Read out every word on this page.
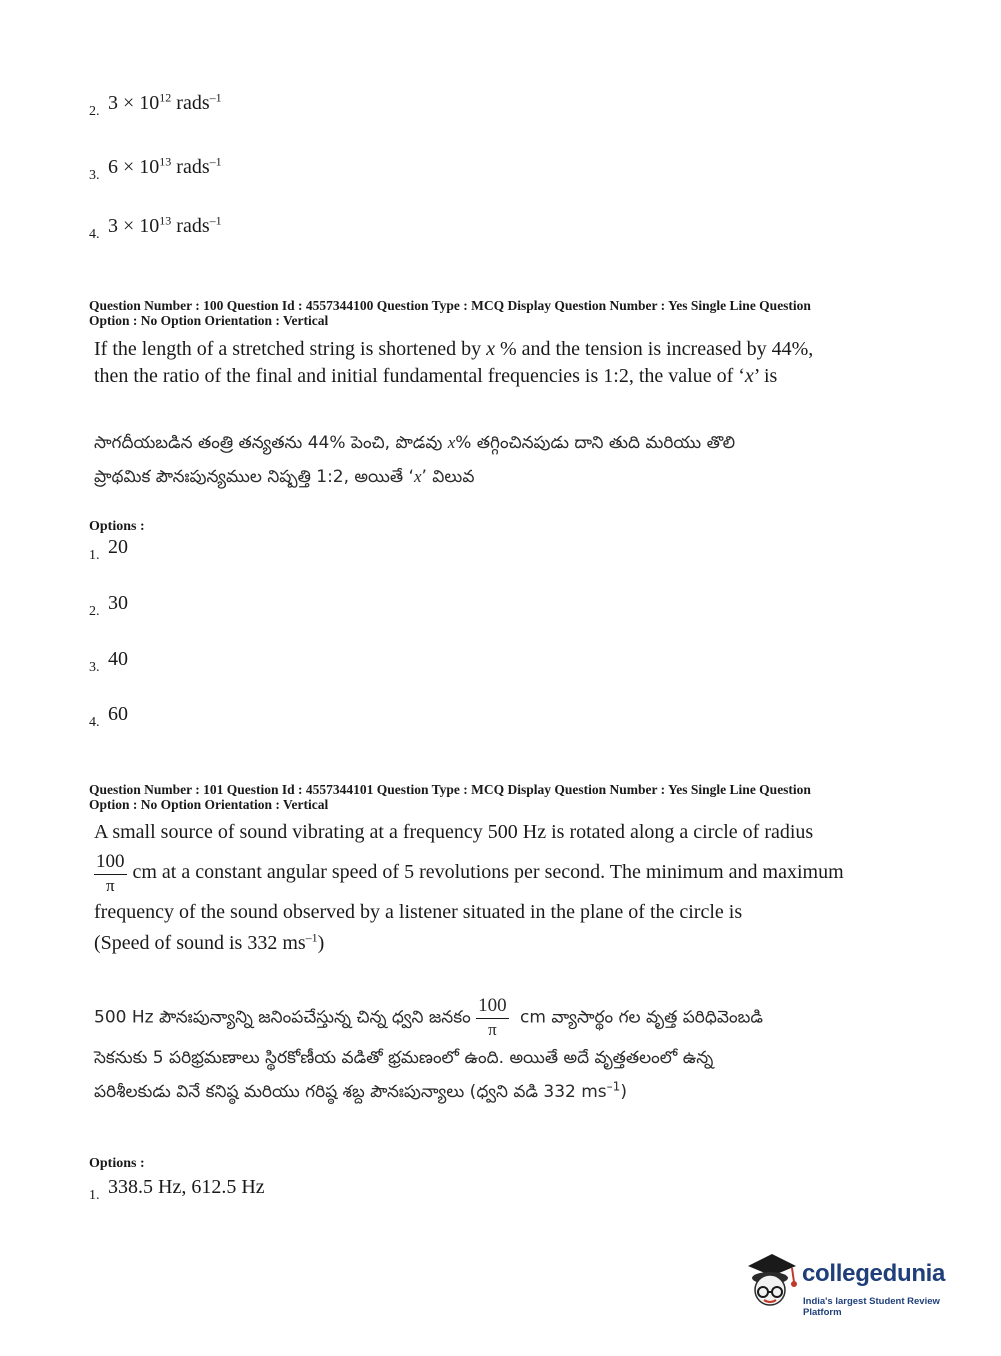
2. $3 \times 10^{12}$ rads$^{-1}$
3. $6 \times 10^{13}$ rads$^{-1}$
4. $3 \times 10^{13}$ rads$^{-1}$
Question Number : 100 Question Id : 4557344100 Question Type : MCQ Display Question Number : Yes Single Line Question
Option : No Option Orientation : Vertical
If the length of a stretched string is shortened by x % and the tension is increased by 44%,
then the ratio of the final and initial fundamental frequencies is 1:2, the value of ‘x’ is
సాగదీయబడిన తంత్రి తన్యతను 44% పెంచి, పొడవు x% తగ్గించినపుడు దాని తుది మరియు తొలి
ప్రాథమిక పౌనఃపున్యముల నిష్పత్తి 1:2, అయితే ‘x’ విలువ
Options :
1. 20
2. 30
3. 40
4. 60
Question Number : 101 Question Id : 4557344101 Question Type : MCQ Display Question Number : Yes Single Line Question
Option : No Option Orientation : Vertical
A small source of sound vibrating at a frequency 500 Hz is rotated along a circle of radius
$\frac{100}{\pi}$ cm at a constant angular speed of 5 revolutions per second. The minimum and maximum
frequency of the sound observed by a listener situated in the plane of the circle is
(Speed of sound is 332 $ms^{-1}$)
500 Hz పౌనఃపున్యాన్ని జనింపచేస్తున్న చిన్న ధ్వని జనకం $\frac{100}{\pi}$ cm వ్యాసార్థం గల వృత్త పరిధివెంబడి
సెకనుకు 5 పరిభ్రమణాలు స్థిరకోణీయ వడితో భ్రమణంలో ఉంది. అయితే అదే వృత్తతలంలో ఉన్న
పరిశీలకుడు వినే కనిష్ఠ మరియు గరిష్ఠ శబ్ద పౌనఃపున్యాలు (ధ్వని వడి 332 $ms^{-1}$)
Options :
1. 338.5 Hz, 612.5 Hz
collegedunia
India's largest Student Review Platform
